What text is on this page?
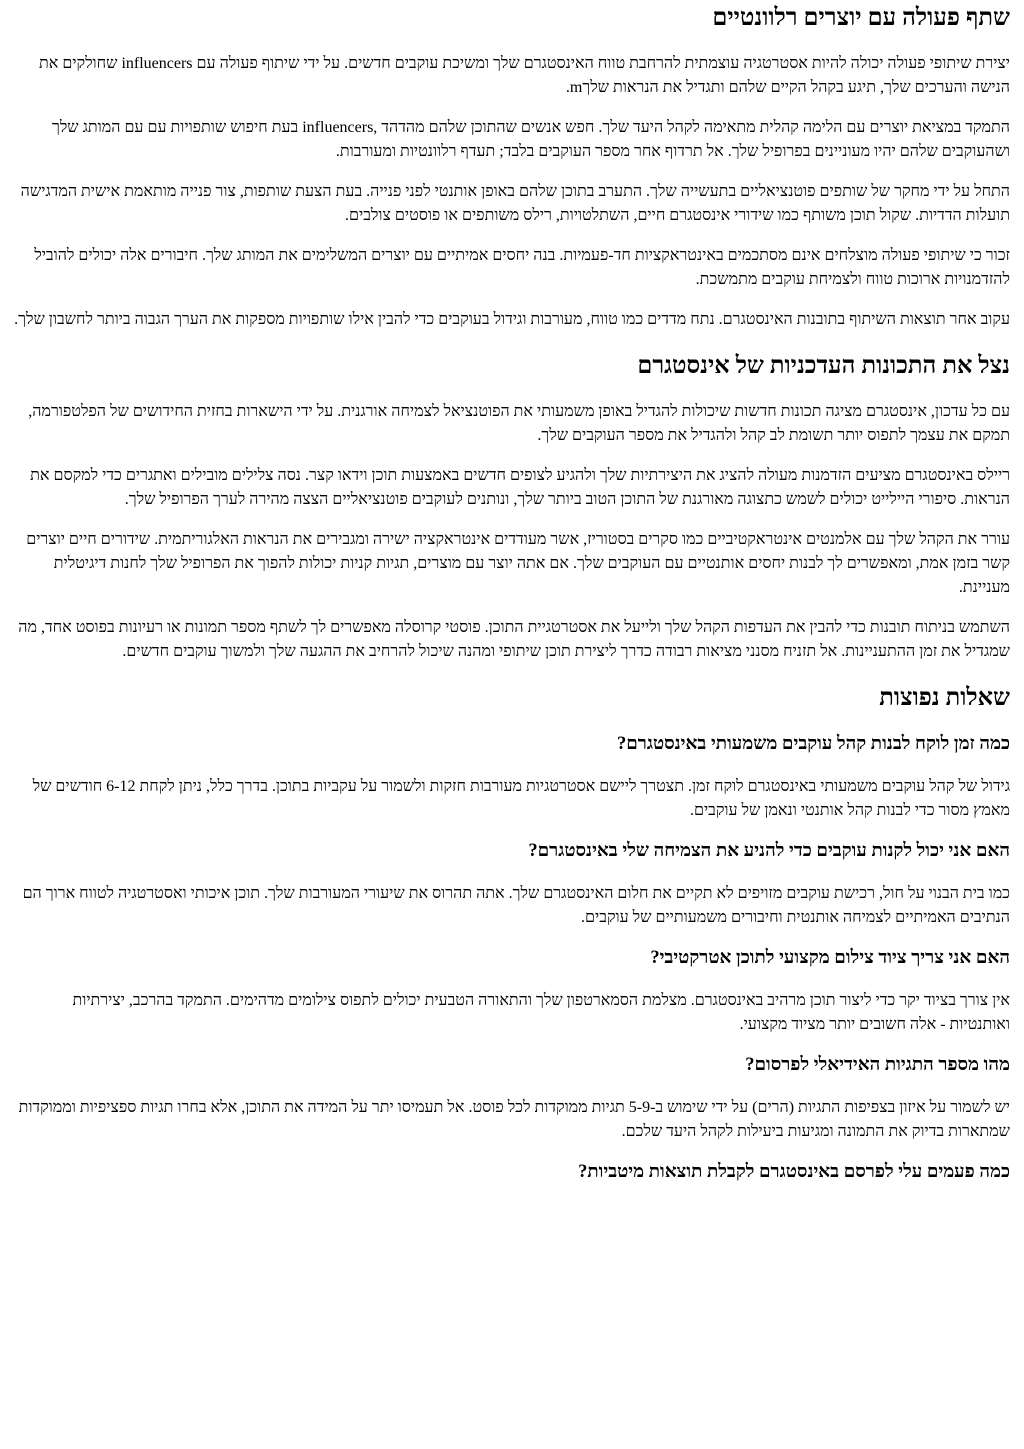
שתף פעולה עם יוצרים רלוונטיים

יצירת שיתופי פעולה יכולה להיות אסטרטגיה עוצמתית להרחבת טווח האינסטגרם שלך ומשיכת עוקבים חדשים. על ידי שיתוף פעולה עם influencers שחולקים את הנישה והערכים שלך, תיגע בקהל הקיים שלהם ותגדיל את הנראות שלךm.

התמקד במציאת יוצרים עם הלימה קהלית מתאימה לקהל היעד שלך. חפש אנשים שהתוכן שלהם מהדהד ,influencers בעת חיפוש שותפויות עם עם המותג שלך ושהעוקבים שלהם יהיו מעוניינים בפרופיל שלך. אל תרדוף אחר מספר העוקבים בלבד; תעדף רלוונטיות ומעורבות.

התחל על ידי מחקר של שותפים פוטנציאליים בתעשייה שלך. התערב בתוכן שלהם באופן אותנטי לפני פנייה. בעת הצעת שותפות, צור פנייה מותאמת אישית המדגישה תועלות הדדיות. שקול תוכן משותף כמו שידורי אינסטגרם חיים, השתלטויות, רילס משותפים או פוסטים צולבים.

זכור כי שיתופי פעולה מוצלחים אינם מסתכמים באינטראקציות חד-פעמיות. בנה יחסים אמיתיים עם יוצרים המשלימים את המותג שלך. חיבורים אלה יכולים להוביל להזדמנויות ארוכות טווח ולצמיחת עוקבים מתמשכת.

עקוב אחר תוצאות השיתוף בתובנות האינסטגרם. נתח מדדים כמו טווח, מעורבות וגידול בעוקבים כדי להבין אילו שותפויות מספקות את הערך הגבוה ביותר לחשבון שלך.

נצל את התכונות העדכניות של אינסטגרם

עם כל עדכון, אינסטגרם מציגה תכונות חדשות שיכולות להגדיל באופן משמעותי את הפוטנציאל לצמיחה אורגנית. על ידי הישארות בחזית החידושים של הפלטפורמה, תמקם את עצמך לתפוס יותר תשומת לב קהל ולהגדיל את מספר העוקבים שלך.

ריילס באינסטגרם מציעים הזדמנות מעולה להציג את היצירתיות שלך ולהגיע לצופים חדשים באמצעות תוכן וידאו קצר. נסה צלילים מובילים ואתגרים כדי למקסם את הנראות. סיפורי היילייט יכולים לשמש כתצוגה מאורגנת של התוכן הטוב ביותר שלך, ונותנים לעוקבים פוטנציאליים הצצה מהירה לערך הפרופיל שלך.

עורר את הקהל שלך עם אלמנטים אינטראקטיביים כמו סקרים בסטוריז, אשר מעודדים אינטראקציה ישירה ומגבירים את הנראות האלגוריתמית. שידורים חיים יוצרים קשר בזמן אמת, ומאפשרים לך לבנות יחסים אותנטיים עם העוקבים שלך. אם אתה יוצר עם מוצרים, תגיות קניות יכולות להפוך את הפרופיל שלך לחנות דיגיטלית מעניינת.

השתמש בניתוח תובנות כדי להבין את העדפות הקהל שלך ולייעל את אסטרטגיית התוכן. פוסטי קרוסלה מאפשרים לך לשתף מספר תמונות או רעיונות בפוסט אחד, מה שמגדיל את זמן ההתעניינות. אל תזניח מסנני מציאות רבודה כדרך ליצירת תוכן שיתופי ומהנה שיכול להרחיב את ההגעה שלך ולמשוך עוקבים חדשים.

שאלות נפוצות
כמה זמן לוקח לבנות קהל עוקבים משמעותי באינסטגרם?

גידול של קהל עוקבים משמעותי באינסטגרם לוקח זמן. תצטרך ליישם אסטרטגיות מעורבות חזקות ולשמור על עקביות בתוכן. בדרך כלל, ניתן לקחת 6-12 חודשים של מאמץ מסור כדי לבנות קהל אותנטי ונאמן של עוקבים.

האם אני יכול לקנות עוקבים כדי להניע את הצמיחה שלי באינסטגרם?

כמו בית הבנוי על חול, רכישת עוקבים מזויפים לא תקיים את חלום האינסטגרם שלך. אתה תהרוס את שיעורי המעורבות שלך. תוכן איכותי ואסטרטגיה לטווח ארוך הם הנתיבים האמיתיים לצמיחה אותנטית וחיבורים משמעותיים של עוקבים.

האם אני צריך ציוד צילום מקצועי לתוכן אטרקטיבי?

אין צורך בציוד יקר כדי ליצור תוכן מרהיב באינסטגרם. מצלמת הסמארטפון שלך והתאורה הטבעית יכולים לתפוס צילומים מדהימים. התמקד בהרכב, יצירתיות ואותנטיות - אלה חשובים יותר מציוד מקצועי.

מהו מספר התגיות האידיאלי לפרסום?

יש לשמור על איזון בצפיפות התגיות (הרים) על ידי שימוש ב-5-9 תגיות ממוקדות לכל פוסט. אל תעמיסו יתר על המידה את התוכן, אלא בחרו תגיות ספציפיות וממוקדות שמתארות בדיוק את התמונה ומגיעות ביעילות לקהל היעד שלכם.

כמה פעמים עלי לפרסם באינסטגרם לקבלת תוצאות מיטביות?
